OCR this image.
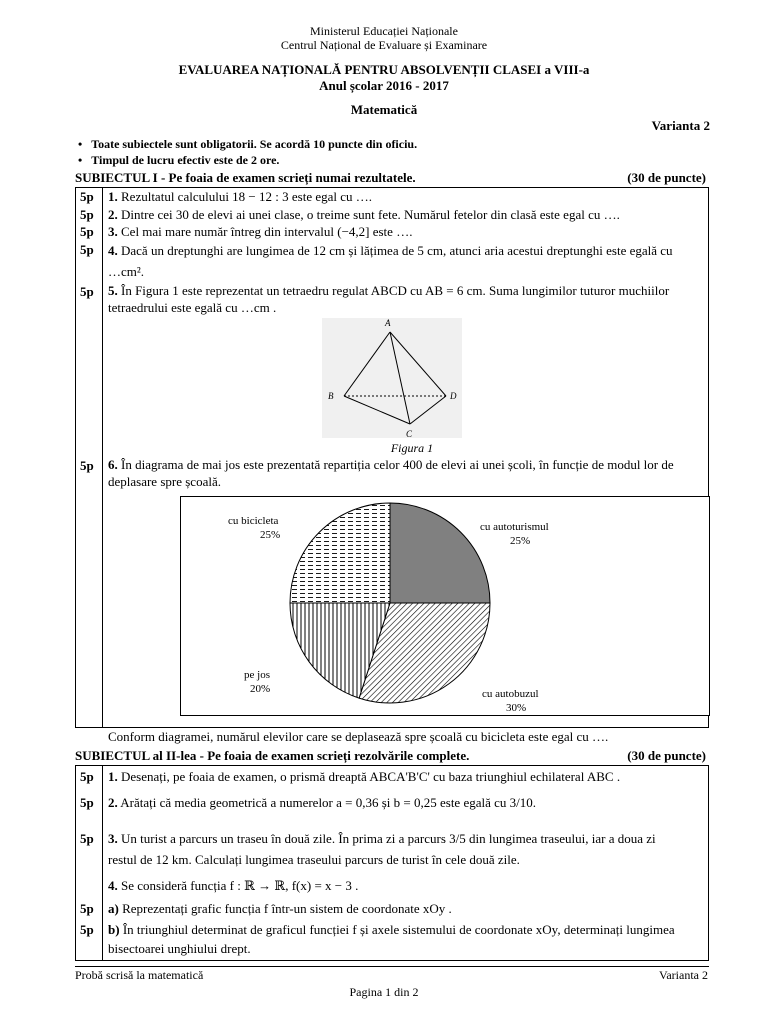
Ministerul Educației Naționale
Centrul Național de Evaluare și Examinare
EVALUAREA NAȚIONALĂ PENTRU ABSOLVENȚII CLASEI a VIII-a
Anul școlar 2016 - 2017
Matematică
Varianta 2
• Toate subiectele sunt obligatorii. Se acordă 10 puncte din oficiu.
• Timpul de lucru efectiv este de 2 ore.
SUBIECTUL I - Pe foaia de examen scrieți numai rezultatele.	(30 de puncte)
5p	1. Rezultatul calculului 18 − 12 : 3 este egal cu ….
5p	2. Dintre cei 30 de elevi ai unei clase, o treime sunt fete. Numărul fetelor din clasă este egal cu ….
5p	3. Cel mai mare număr întreg din intervalul (−4,2] este ….
5p	4. Dacă un dreptunghi are lungimea de 12 cm și lățimea de 5 cm, atunci aria acestui dreptunghi este egală cu …cm².
5p	5. În Figura 1 este reprezentat un tetraedru regulat ABCD cu AB = 6 cm. Suma lungimilor tuturor muchiilor tetraedrului este egală cu …cm .
A
B
C
D
Figura 1
5p	6. În diagrama de mai jos este prezentată repartiția celor 400 de elevi ai unei școli, în funcție de modul lor de deplasare spre școală.
cu bicicleta
25%
cu autoturismul
25%
cu autobuzul
30%
pe jos
20%
Conform diagramei, numărul elevilor care se deplasează spre școală cu bicicleta este egal cu ….
SUBIECTUL al II-lea - Pe foaia de examen scrieți rezolvările complete.	(30 de puncte)
5p	1. Desenați, pe foaia de examen, o prismă dreaptă ABCA'B'C' cu baza triunghiul echilateral ABC .
5p	2. Arătați că media geometrică a numerelor a = 0,36 și b = 0,25 este egală cu 3/10.
5p	3. Un turist a parcurs un traseu în două zile. În prima zi a parcurs 3/5 din lungimea traseului, iar a doua zi restul de 12 km. Calculați lungimea traseului parcurs de turist în cele două zile.
4. Se consideră funcția f : ℝ → ℝ, f(x) = x − 3 .
5p	a) Reprezentați grafic funcția f într-un sistem de coordonate xOy .
5p	b) În triunghiul determinat de graficul funcției f și axele sistemului de coordonate xOy, determinați lungimea bisectoarei unghiului drept.
Probă scrisă la matematică	Varianta 2
Pagina 1 din 2
